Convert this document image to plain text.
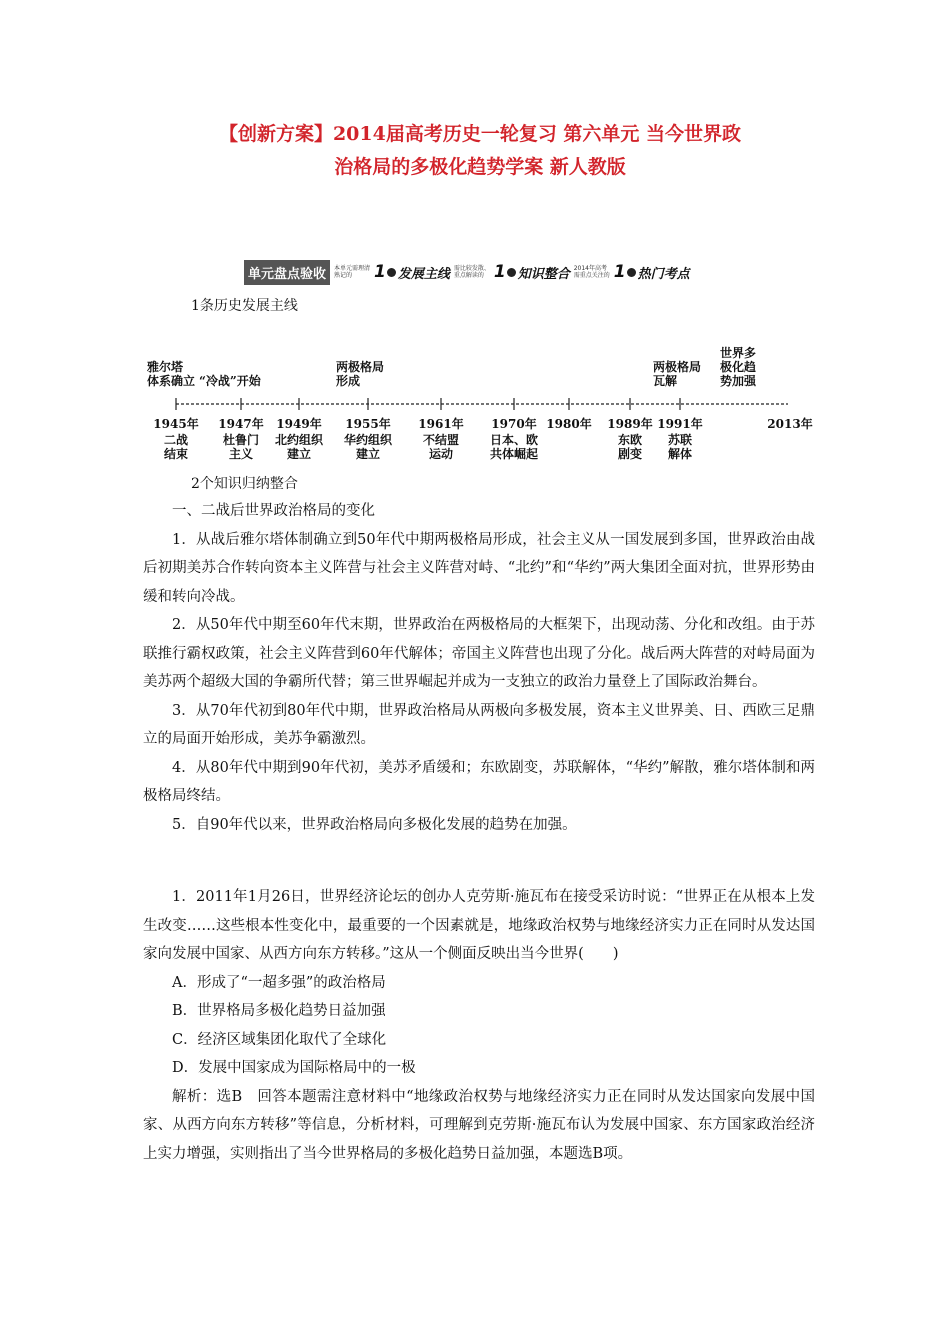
【创新方案】2014届高考历史一轮复习 第六单元 当今世界政
治格局的多极化趋势学案 新人教版
单元盘点验收	本单元需理清熟记的	1 发展主线 需比较发散、重点解读的 1 知识整合 2014年高考需重点关注的 1 热门考点
1条历史发展主线
雅尔塔
体系确立 “冷战”开始
两极格局
形成
两极格局
瓦解
世界多
极化趋
势加强
1945年 1947年 1949年 1955年 1961年 1970年 1980年 1989年 1991年	2013年
二战
结束
杜鲁门
主义
北约组织
建立
华约组织
建立
不结盟
运动
日本、欧
共体崛起
东欧
剧变
苏联
解体
2个知识归纳整合

一、二战后世界政治格局的变化

1．从战后雅尔塔体制确立到50年代中期两极格局形成，社会主义从一国发展到多国，世界政治由战后初期美苏合作转向资本主义阵营与社会主义阵营对峙、“北约”和“华约”两大集团全面对抗，世界形势由缓和转向冷战。

2．从50年代中期至60年代末期，世界政治在两极格局的大框架下，出现动荡、分化和改组。由于苏联推行霸权政策，社会主义阵营到60年代解体；帝国主义阵营也出现了分化。战后两大阵营的对峙局面为美苏两个超级大国的争霸所代替；第三世界崛起并成为一支独立的政治力量登上了国际政治舞台。

3．从70年代初到80年代中期，世界政治格局从两极向多极发展，资本主义世界美、日、西欧三足鼎立的局面开始形成，美苏争霸激烈。

4．从80年代中期到90年代初，美苏矛盾缓和；东欧剧变，苏联解体，“华约”解散，雅尔塔体制和两极格局终结。

5．自90年代以来，世界政治格局向多极化发展的趋势在加强。

1．2011年1月26日，世界经济论坛的创办人克劳斯·施瓦布在接受采访时说：“世界正在从根本上发生改变……这些根本性变化中，最重要的一个因素就是，地缘政治权势与地缘经济实力正在同时从发达国家向发展中国家、从西方向东方转移。”这从一个侧面反映出当今世界(　　)

A．形成了“一超多强”的政治格局

B．世界格局多极化趋势日益加强

C．经济区域集团化取代了全球化

D．发展中国家成为国际格局中的一极

解析：选B　回答本题需注意材料中“地缘政治权势与地缘经济实力正在同时从发达国家向发展中国家、从西方向东方转移”等信息，分析材料，可理解到克劳斯·施瓦布认为发展中国家、东方国家政治经济上实力增强，实则指出了当今世界格局的多极化趋势日益加强，本题选B项。
